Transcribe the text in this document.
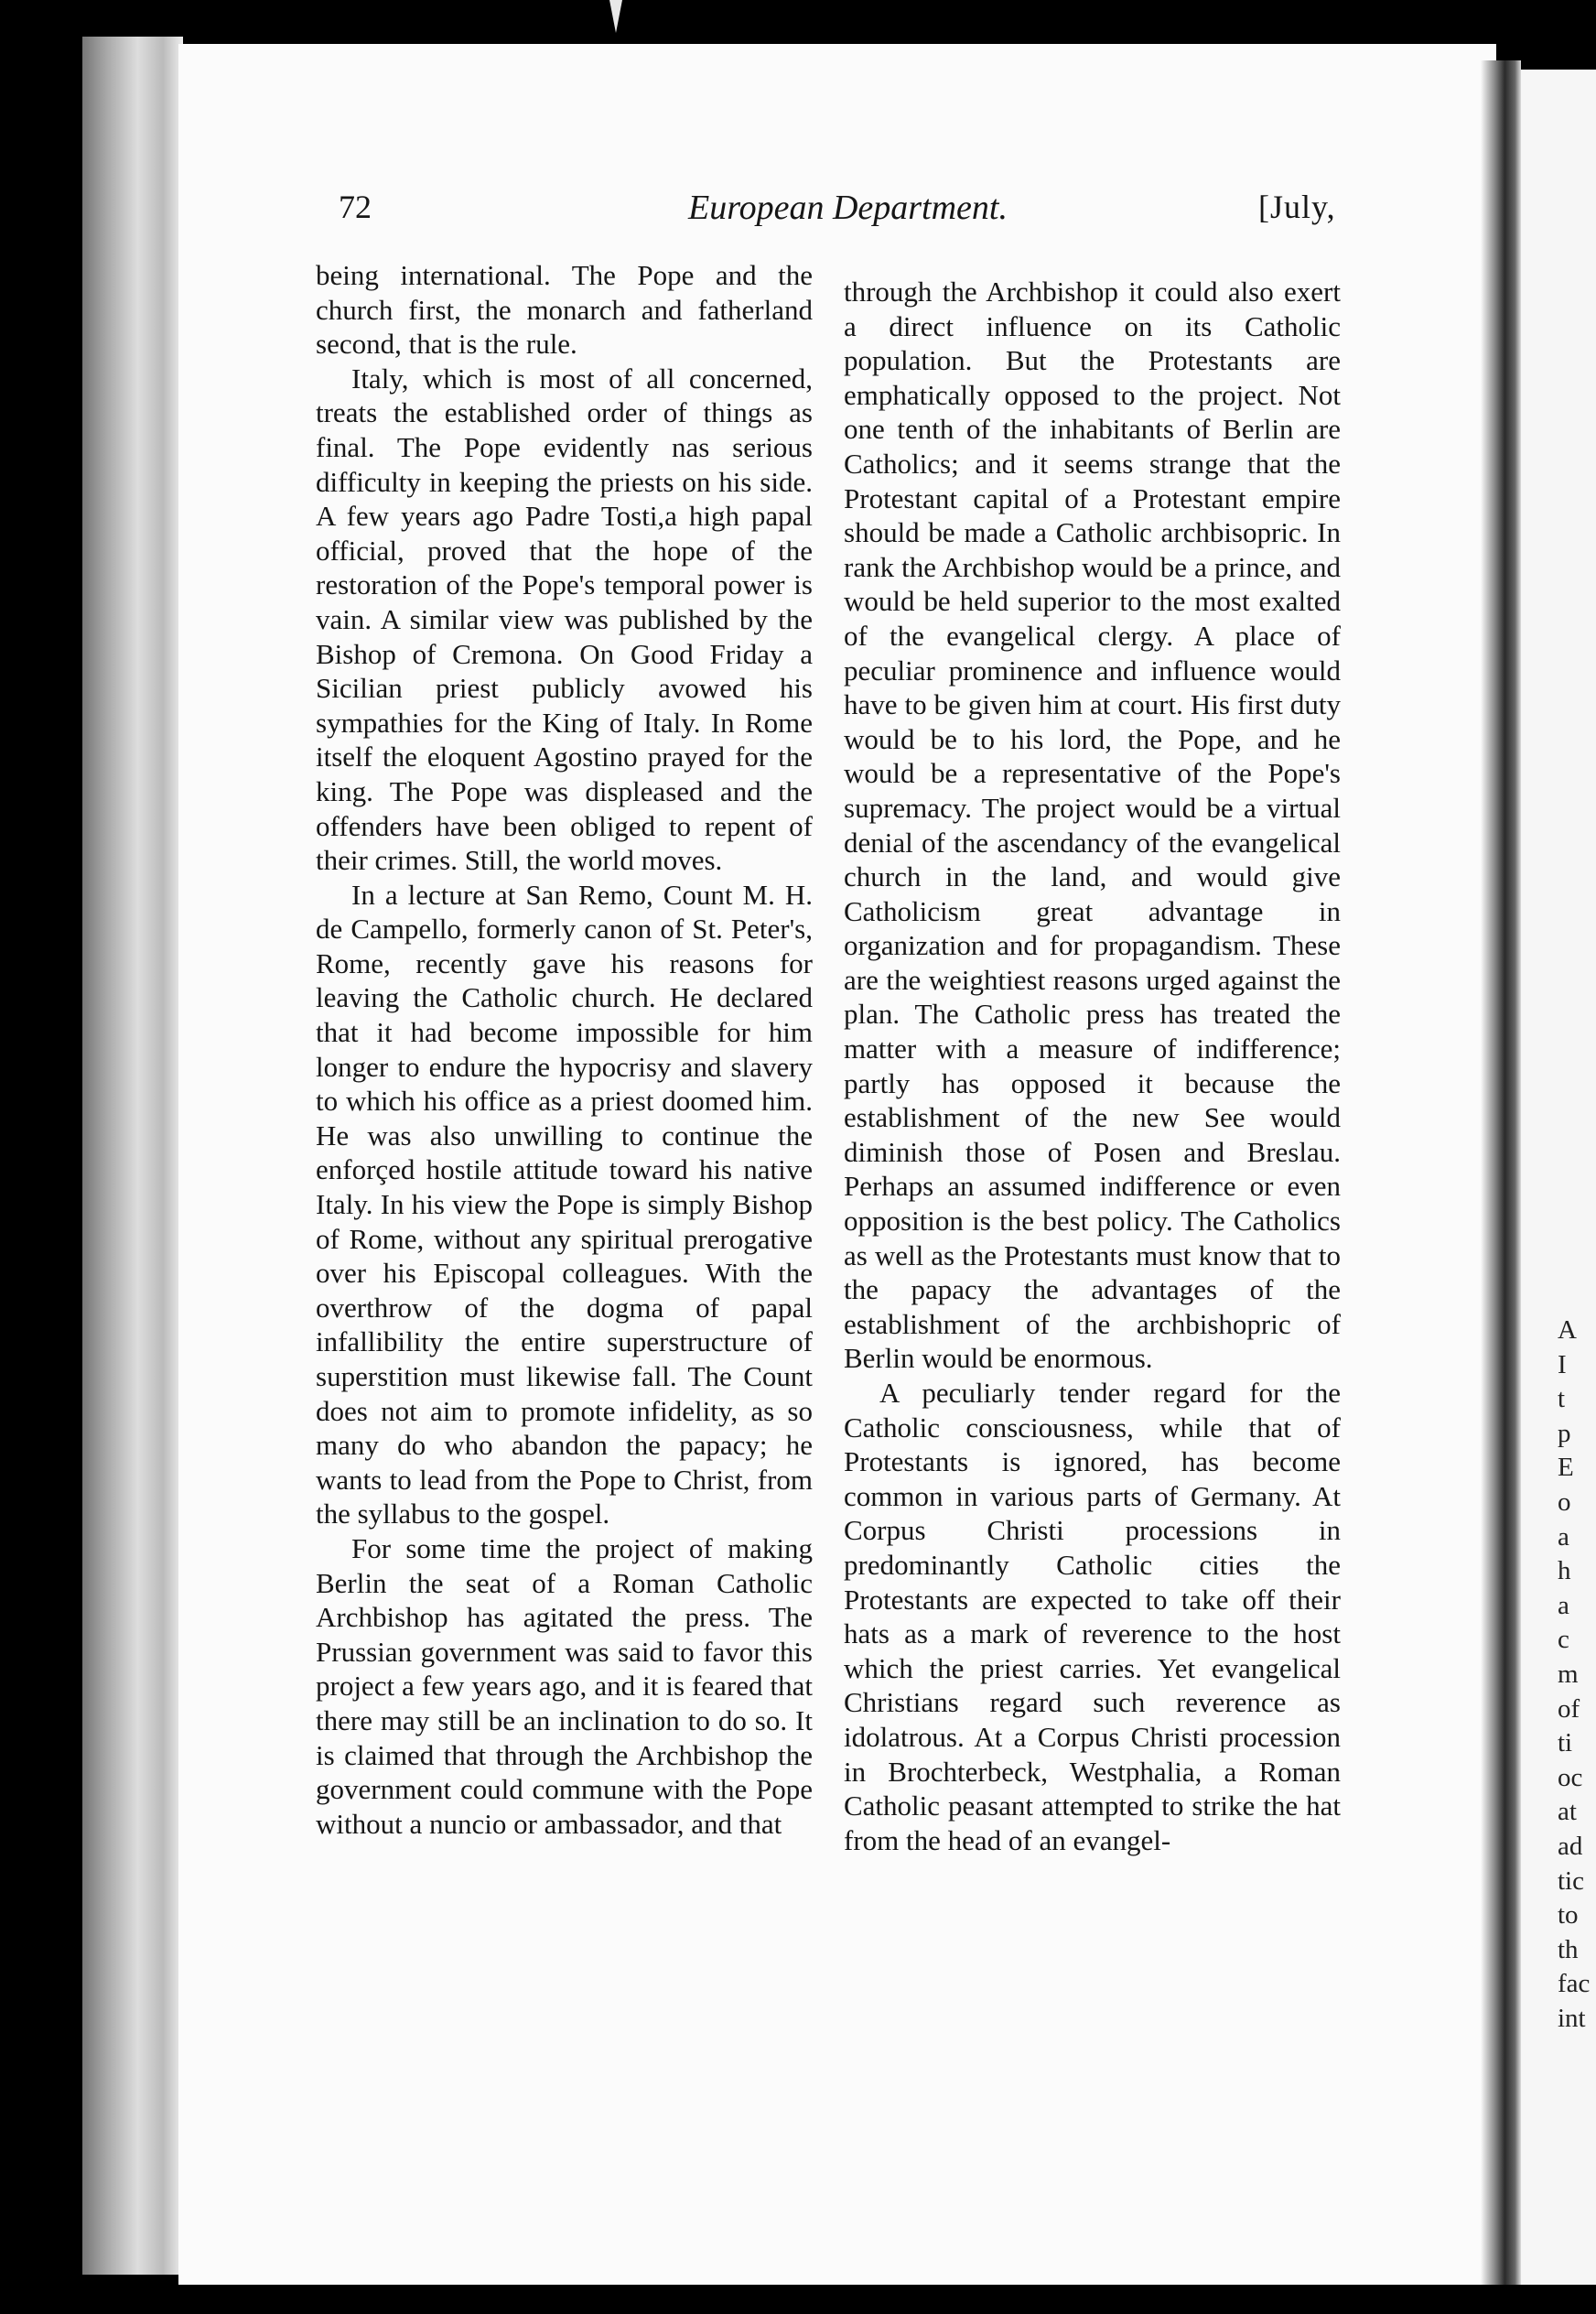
72	European Department.	[July,

being international. The Pope and the church first, the monarch and fatherland second, that is the rule.

Italy, which is most of all concerned, treats the established order of things as final. The Pope evidently nas serious difficulty in keeping the priests on his side. A few years ago Padre Tosti,a high papal official, proved that the hope of the restoration of the Pope's temporal power is vain. A similar view was published by the Bishop of Cremona. On Good Friday a Sicilian priest publicly avowed his sympathies for the King of Italy. In Rome itself the eloquent Agostino prayed for the king. The Pope was displeased and the offenders have been obliged to repent of their crimes. Still, the world moves.

In a lecture at San Remo, Count M. H. de Campello, formerly canon of St. Peter's, Rome, recently gave his reasons for leaving the Catholic church. He declared that it had become impossible for him longer to endure the hypocrisy and slavery to which his office as a priest doomed him. He was also unwilling to continue the enforçed hostile attitude toward his native Italy. In his view the Pope is simply Bishop of Rome, without any spiritual prerogative over his Episcopal colleagues. With the overthrow of the dogma of papal infallibility the entire superstructure of superstition must likewise fall. The Count does not aim to promote infidelity, as so many do who abandon the papacy; he wants to lead from the Pope to Christ, from the syllabus to the gospel.

For some time the project of making Berlin the seat of a Roman Catholic Archbishop has agitated the press. The Prussian government was said to favor this project a few years ago, and it is feared that there may still be an inclination to do so. It is claimed that through the Archbishop the government could commune with the Pope without a nuncio or ambassador, and that

through the Archbishop it could also exert a direct influence on its Catholic population. But the Protestants are emphatically opposed to the project. Not one tenth of the inhabitants of Berlin are Catholics; and it seems strange that the Protestant capital of a Protestant empire should be made a Catholic archbisopric. In rank the Archbishop would be a prince, and would be held superior to the most exalted of the evangelical clergy. A place of peculiar prominence and influence would have to be given him at court. His first duty would be to his lord, the Pope, and he would be a representative of the Pope's supremacy. The project would be a virtual denial of the ascendancy of the evangelical church in the land, and would give Catholicism great advantage in organization and for propagandism. These are the weightiest reasons urged against the plan. The Catholic press has treated the matter with a measure of indifference; partly has opposed it because the establishment of the new See would diminish those of Posen and Breslau. Perhaps an assumed indifference or even opposition is the best policy. The Catholics as well as the Protestants must know that to the papacy the advantages of the establishment of the archbishopric of Berlin would be enormous.

A peculiarly tender regard for the Catholic consciousness, while that of Protestants is ignored, has become common in various parts of Germany. At Corpus Christi processions in predominantly Catholic cities the Protestants are expected to take off their hats as a mark of reverence to the host which the priest carries. Yet evangelical Christians regard such reverence as idolatrous. At a Corpus Christi procession in Brochterbeck, Westphalia, a Roman Catholic peasant attempted to strike the hat from the head of an evangel-

A
I
t
p
E
o
a
h
a
c
m
of
ti
oc
at
ad
tic
to
th
fac
int
